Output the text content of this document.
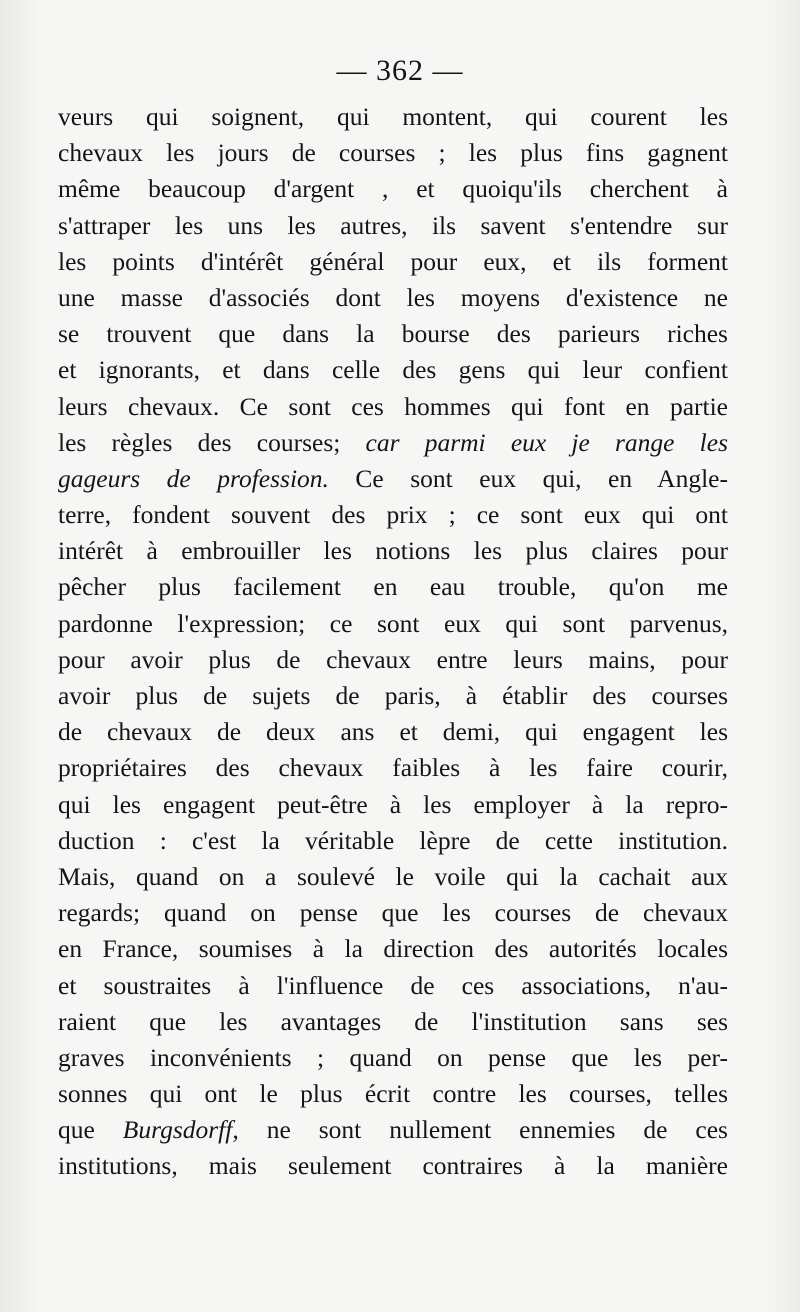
— 362 —
veurs qui soignent, qui montent, qui courent les
chevaux les jours de courses ; les plus fins gagnent
même beaucoup d'argent , et quoiqu'ils cherchent à
s'attraper les uns les autres, ils savent s'entendre sur
les points d'intérêt général pour eux, et ils forment
une masse d'associés dont les moyens d'existence ne
se trouvent que dans la bourse des parieurs riches
et ignorants, et dans celle des gens qui leur confient
leurs chevaux. Ce sont ces hommes qui font en partie
les règles des courses; car parmi eux je range les
gageurs de profession. Ce sont eux qui, en Angle-
terre, fondent souvent des prix ; ce sont eux qui ont
intérêt à embrouiller les notions les plus claires pour
pêcher plus facilement en eau trouble, qu'on me
pardonne l'expression; ce sont eux qui sont parvenus,
pour avoir plus de chevaux entre leurs mains, pour
avoir plus de sujets de paris, à établir des courses
de chevaux de deux ans et demi, qui engagent les
propriétaires des chevaux faibles à les faire courir,
qui les engagent peut-être à les employer à la repro-
duction : c'est la véritable lèpre de cette institution.
Mais, quand on a soulevé le voile qui la cachait aux
regards; quand on pense que les courses de chevaux
en France, soumises à la direction des autorités locales
et soustraites à l'influence de ces associations, n'au-
raient que les avantages de l'institution sans ses
graves inconvénients ; quand on pense que les per-
sonnes qui ont le plus écrit contre les courses, telles
que Burgsdorff, ne sont nullement ennemies de ces
institutions, mais seulement contraires à la manière
